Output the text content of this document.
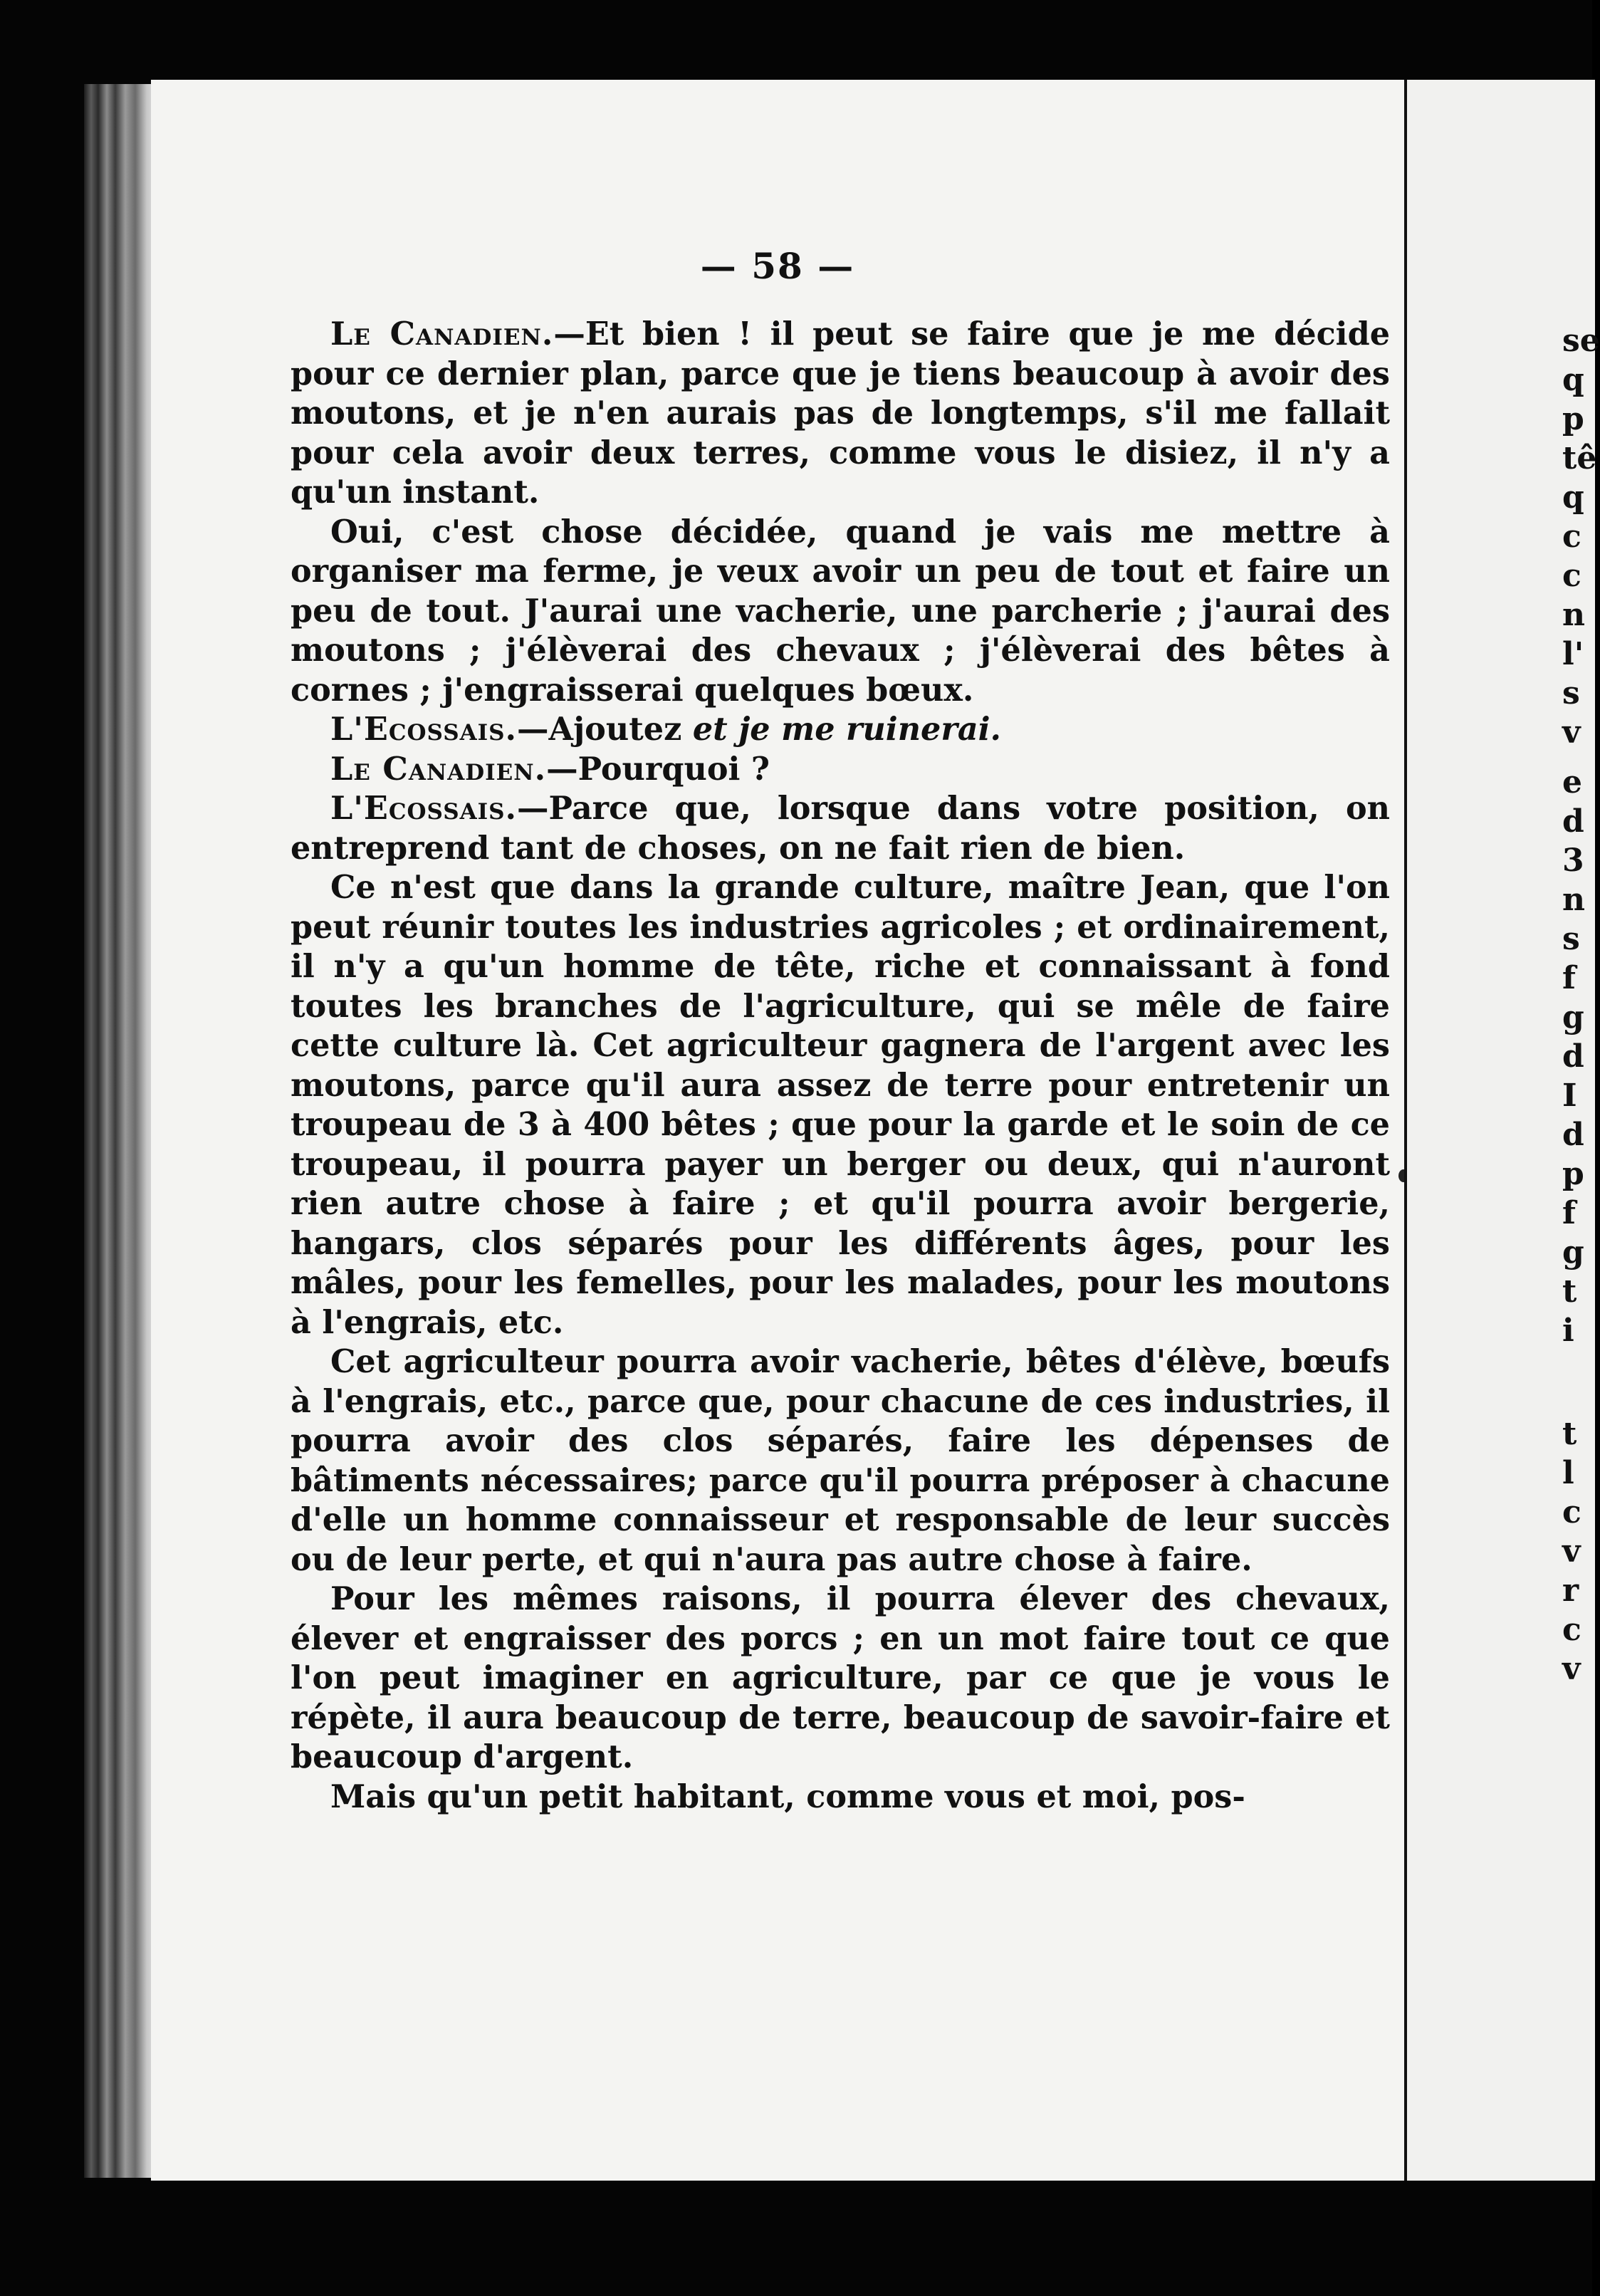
— 58 —

Le Canadien.—Et bien ! il peut se faire que je me décide pour ce dernier plan, parce que je tiens beaucoup à avoir des moutons, et je n'en aurais pas de longtemps, s'il me fallait pour cela avoir deux terres, comme vous le disiez, il n'y a qu'un instant.

Oui, c'est chose décidée, quand je vais me mettre à organiser ma ferme, je veux avoir un peu de tout et faire un peu de tout. J'aurai une vacherie, une parcherie ; j'aurai des moutons ; j'élèverai des chevaux ; j'élèverai des bêtes à cornes ; j'engraisserai quelques bœux.

L'Ecossais.—Ajoutez et je me ruinerai.

Le Canadien.—Pourquoi ?

L'Ecossais.—Parce que, lorsque dans votre position, on entreprend tant de choses, on ne fait rien de bien.

Ce n'est que dans la grande culture, maître Jean, que l'on peut réunir toutes les industries agricoles ; et ordinairement, il n'y a qu'un homme de tête, riche et connaissant à fond toutes les branches de l'agriculture, qui se mêle de faire cette culture là. Cet agriculteur gagnera de l'argent avec les moutons, parce qu'il aura assez de terre pour entretenir un troupeau de 3 à 400 bêtes ; que pour la garde et le soin de ce troupeau, il pourra payer un berger ou deux, qui n'auront rien autre chose à faire ; et qu'il pourra avoir bergerie, hangars, clos séparés pour les différents âges, pour les mâles, pour les femelles, pour les malades, pour les moutons à l'engrais, etc.

Cet agriculteur pourra avoir vacherie, bêtes d'élève, bœufs à l'engrais, etc., parce que, pour chacune de ces industries, il pourra avoir des clos séparés, faire les dépenses de bâtiments nécessaires; parce qu'il pourra préposer à chacune d'elle un homme connaisseur et responsable de leur succès ou de leur perte, et qui n'aura pas autre chose à faire.

Pour les mêmes raisons, il pourra élever des chevaux, élever et engraisser des porcs ; en un mot faire tout ce que l'on peut imaginer en agriculture, par ce que je vous le répète, il aura beaucoup de terre, beaucoup de savoir-faire et beaucoup d'argent.

Mais qu'un petit habitant, comme vous et moi, pos-

se
q
p
tê
q
c
c
n
l'
s
v
e
d
3
n
s
f
g
d
I
d
p
f
g
t
i
t
l
c
v
r
c
v
